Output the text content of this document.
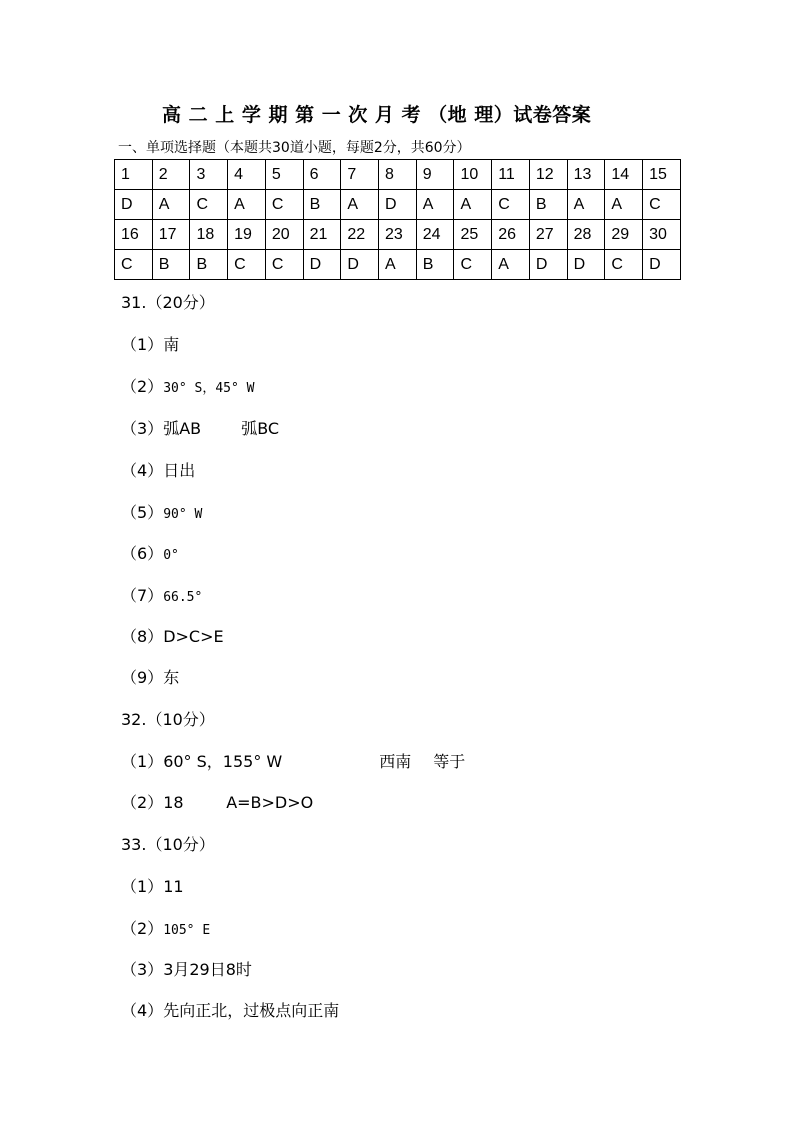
高 二 上 学 期 第 一 次 月 考 （地 理）试卷答案
一、单项选择题（本题共30道小题，每题2分，共60分）
1	2	3	4	5	6	7	8	9	10	11	12	13	14	15
D	A	C	A	C	B	A	D	A	A	C	B	A	A	C
16	17	18	19	20	21	22	23	24	25	26	27	28	29	30
C	B	B	C	C	D	D	A	B	C	A	D	D	C	D
31.（20分）
（1）南
（2）30° S，45° W
（3）弧AB	弧BC
（4）日出
（5）90° W
（6）0°
（7）66.5°
（8）D>C>E
（9）东
32.（10分）
（1）60° S，155° W	西南 等于
（2）18	A=B>D>O
33.（10分）
（1）11
（2）105° E
（3）3月29日8时
（4）先向正北，过极点向正南
